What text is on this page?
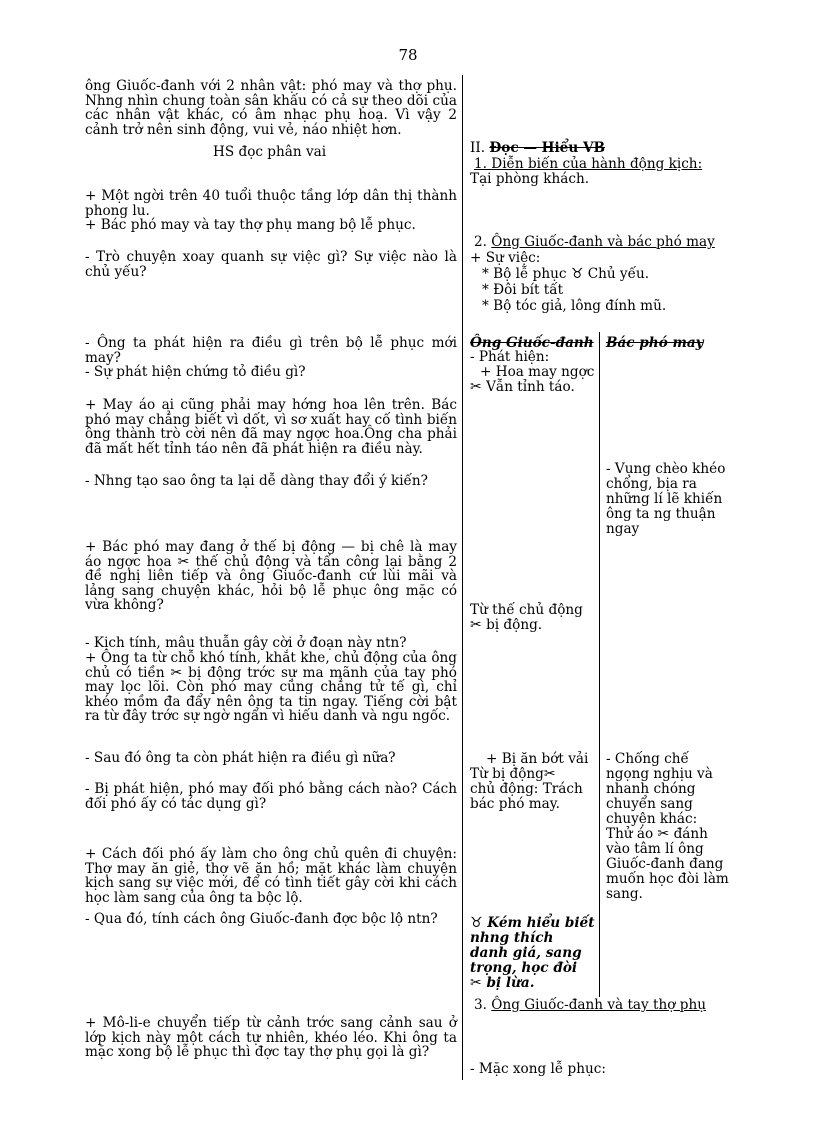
78

ông Giuốc-đanh với 2 nhân vật: phó may và thợ phụ. Nhng nhìn chung toàn sân khấu có cả sự theo dõi của các nhân vật khác, có âm nhạc phụ hoạ. Vì vậy 2 cảnh trở nên sinh động, vui vẻ, náo nhiệt hơn.

HS đọc phân vai

+ Một ngời trên 40 tuổi thuộc tầng lớp dân thị thành phong lu.

+ Bác phó may và tay thợ phụ mang bộ lễ phục.

- Trò chuyện xoay quanh sự việc gì? Sự việc nào là chủ yếu?

- Ông ta phát hiện ra điều gì trên bộ lễ phục mới may?

- Sự phát hiện chứng tỏ điều gì?

+ May áo ai cũng phải may hớng hoa lên trên. Bác phó may chẳng biết vì dốt, vì sơ xuất hay cố tình biến ông thành trò cời nên đã may ngợc hoa.Ông cha phải đã mất hết tỉnh táo nên đã phát hiện ra điều này.

- Nhng tạo sao ông ta lại dễ dàng thay đổi ý kiến?

+ Bác phó may đang ở thế bị động — bị chê là may áo ngợc hoa ✂ thế chủ động và tấn công lại bằng 2 đề nghị liên tiếp và ông Giuốc-đanh cứ lùi mãi và lảng sang chuyện khác, hỏi bộ lễ phục ông mặc có vừa không?

- Kịch tính, mâu thuẫn gây cời ở đoạn này ntn?

+ Ông ta từ chỗ khó tính, khắt khe, chủ động của ông chủ có tiền ✂ bị động trớc sự ma mãnh của tay phó may lọc lõi. Còn phó may cũng chẳng tử tế gì, chỉ khéo mồm đa đẩy nên ông ta tin ngay. Tiếng cời bật ra từ đây trớc sự ngờ ngẩn vì hiếu danh và ngu ngốc.

- Sau đó ông ta còn phát hiện ra điều gì nữa?

- Bị phát hiện, phó may đối phó bằng cách nào? Cách đối phó ấy có tác dụng gì?

+ Cách đối phó ấy làm cho ông chủ quên đi chuyện: Thợ may ăn giẻ, thợ vẽ ăn hồ; mặt khác làm chuyện kịch sang sự việc mới, để có tình tiết gây cời khi cách học làm sang của ông ta bộc lộ.

- Qua đó, tính cách ông Giuốc-đanh đợc bộc lộ ntn?

+ Mô-li-e chuyển tiếp từ cảnh trớc sang cảnh sau ở lớp kịch này một cách tự nhiên, khéo léo. Khi ông ta mặc xong bộ lễ phục thì đợc tay thợ phụ gọi là gì?

II. Đọc — Hiểu VB

1. Diễn biến của hành động kịch:

Tại phòng khách.

2. Ông Giuốc-đanh và bác phó may

+ Sự việc:

* Bộ lễ phục ♉ Chủ yếu.

* Đôi bít tất

* Bộ tóc giả, lông đính mũ.

Ông Giuốc-đanh Bác phó may

- Phát hiện:

+ Hoa may ngợc

✂ Vẫn tỉnh táo.

Từ thế chủ động

✂ bị động.

+ Bị ăn bớt vải

Từ bị động✂

chủ động: Trách bác phó may.

♉ Kém hiểu biết nhng thích danh giá, sang trọng, học đòi

✂ bị lừa.

- Vụng chèo khéo chống, bịa ra những lí lẽ khiến ông ta ng thuận ngay

- Chống chế ngọng nghịu và nhanh chóng chuyển sang chuyện khác:

Thử áo ✂ đánh vào tâm lí ông Giuốc-đanh đang muốn học đòi làm sang.

3. Ông Giuốc-đanh và tay thợ phụ

- Mặc xong lễ phục:
